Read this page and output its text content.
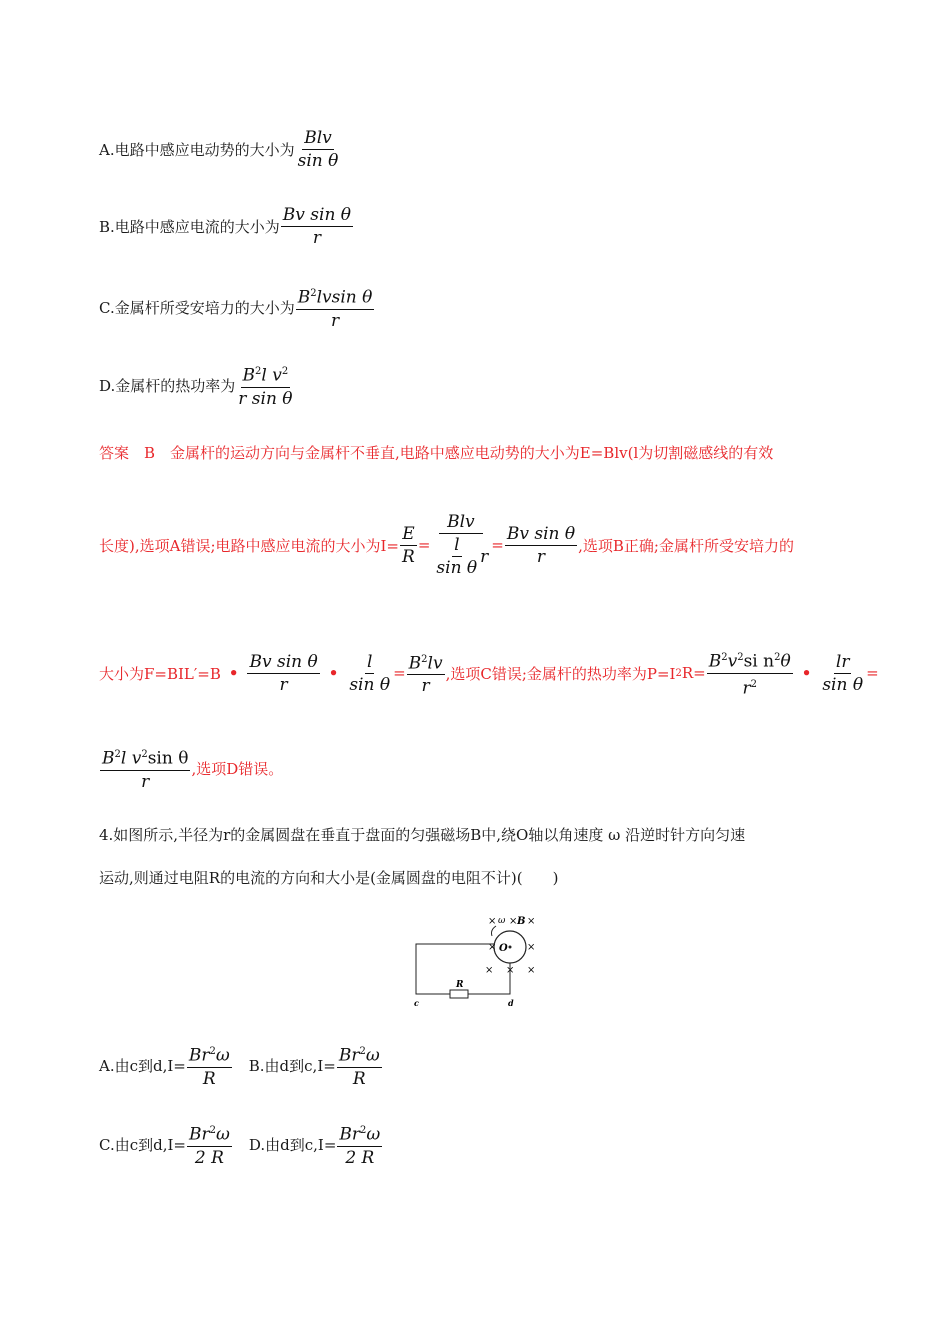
A.电路中感应电动势的大小为 $\frac{\text{Blv}}{\text{sin θ}}$
B.电路中感应电流的大小为 $\frac{\text{Bv sin θ}}{r}$
C.金属杆所受安培力的大小为 $\frac{B^2lvsin \theta}{r}$
D.金属杆的热功率为 $\frac{B^2l v^2}{\text{r sin θ}}$
答案　B　金属杆的运动方向与金属杆不垂直,电路中感应电动势的大小为E=Blv(l为切割磁感线的有效
长度),选项A错误;电路中感应电流的大小为$I= \frac{E}{R} = \frac{\text{Blv}}{\frac{l}{\text{sin θ}} r} = \frac{\text{Bv sin θ}}{r}$ ,选项B正确;金属杆所受安培力的
大小为F=BIL′=B • $\frac{\text{Bv sin θ}}{r}$ • $\frac{l}{\text{sin θ}} = \frac{B^2lv}{r}$ ,选项C错误;金属杆的热功率为P=I 2 $R= \frac{B^2v^2si n^2\theta}{r^2}$ • $\frac{lr}{\text{sin θ}}$ =
$\frac{B^2l v^2\sin \theta}{r}$ ,选项D错误。
4.如图所示,半径为r的金属圆盘在垂直于盘面的匀强磁场B中,绕O轴以角速度 ω 沿逆时针方向匀速
运动,则通过电阻R的电流的方向和大小是(金属圆盘的电阻不计)(　　)
× ω × B ×
O
×	×
× × ×
R
c	d
A.由c到$d,I= \frac{Br^2\omega}{R} B$.由d到$c,I= \frac{Br^2\omega}{R}$
C.由c到$d,I= \frac{Br^2\omega}{2 R} D$.由d到$c,I= \frac{Br^2\omega}{2 R}$
